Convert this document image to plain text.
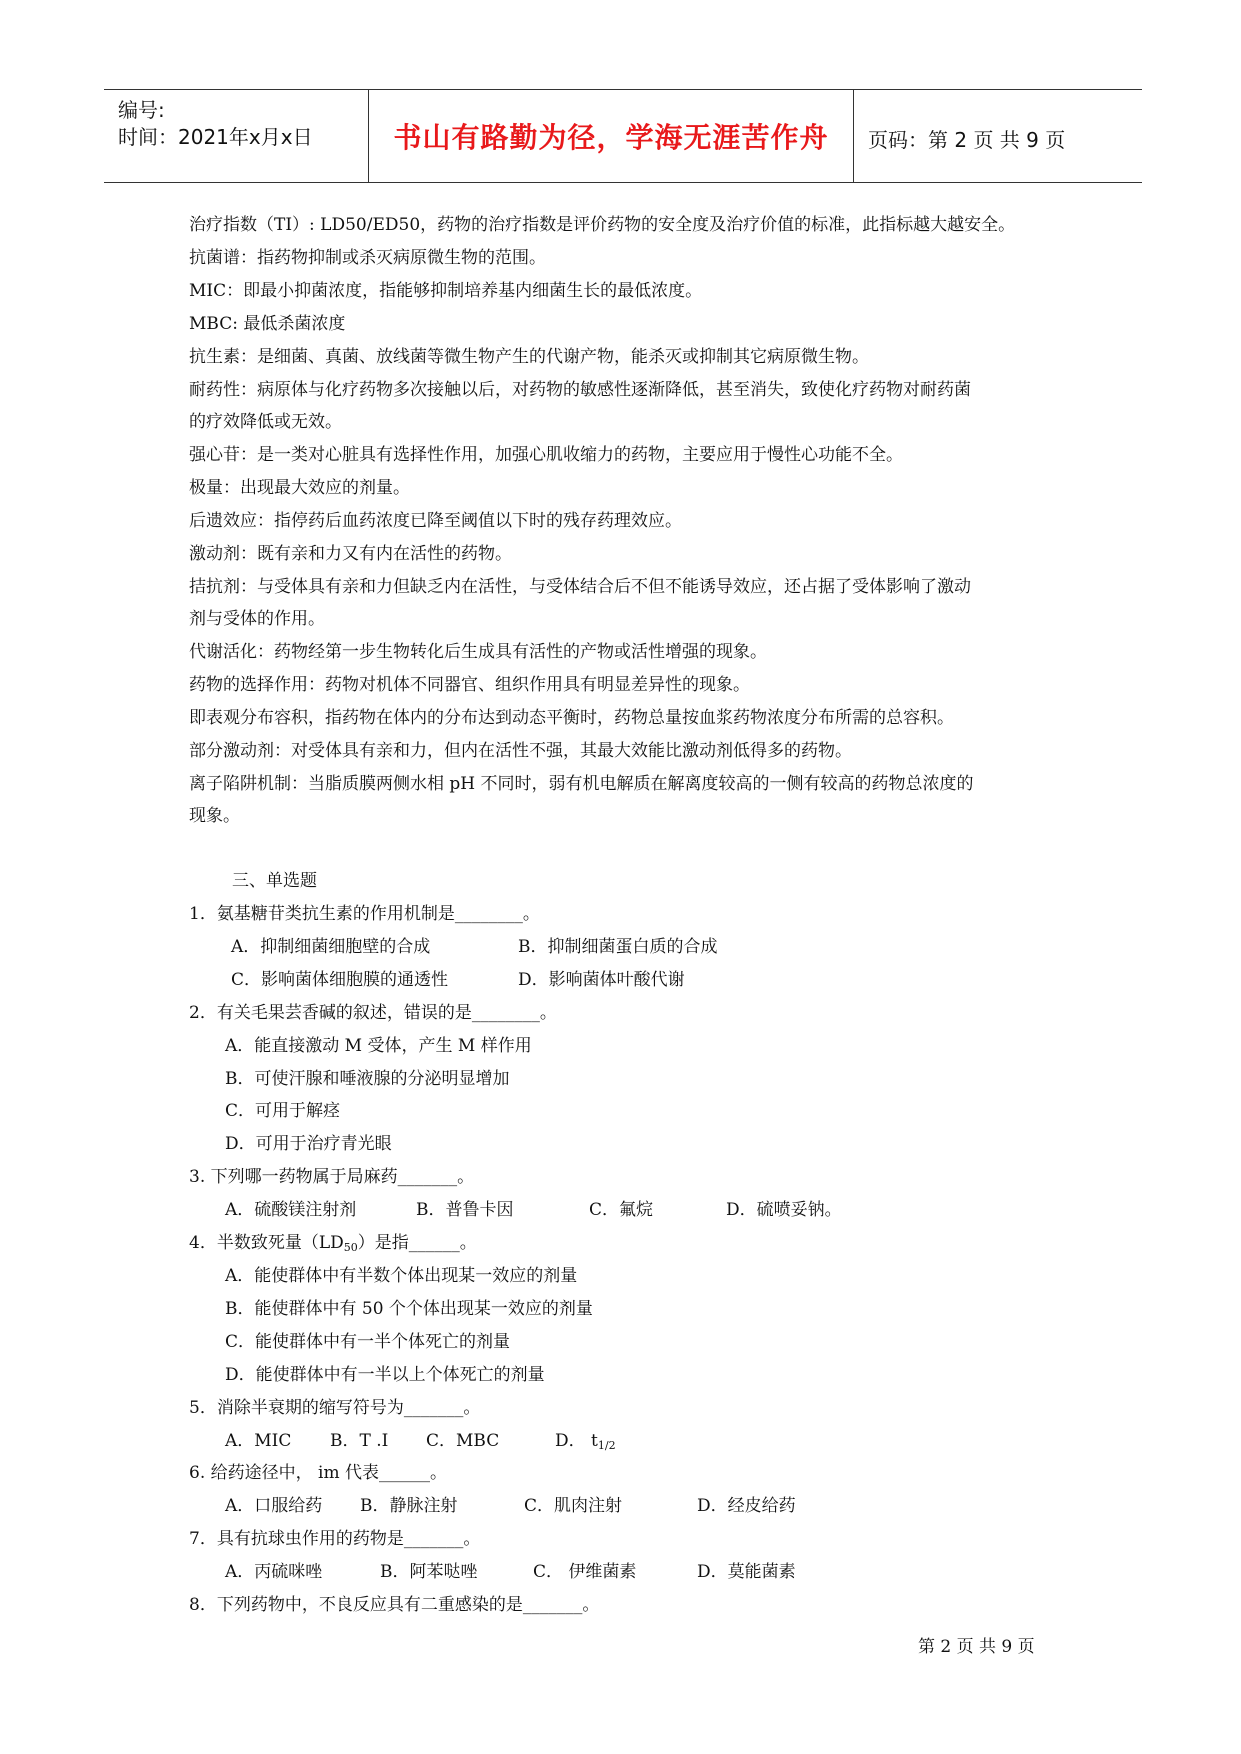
编号:
时间：2021年x月x日	书山有路勤为径，学海无涯苦作舟	页码：第 2 页 共 9 页
治疗指数（TI）: LD50/ED50，药物的治疗指数是评价药物的安全度及治疗价值的标准，此指标越大越安全。
抗菌谱：指药物抑制或杀灭病原微生物的范围。
MIC：即最小抑菌浓度，指能够抑制培养基内细菌生长的最低浓度。
MBC: 最低杀菌浓度
抗生素：是细菌、真菌、放线菌等微生物产生的代谢产物，能杀灭或抑制其它病原微生物。
耐药性：病原体与化疗药物多次接触以后，对药物的敏感性逐渐降低，甚至消失，致使化疗药物对耐药菌
的疗效降低或无效。
强心苷：是一类对心脏具有选择性作用，加强心肌收缩力的药物，主要应用于慢性心功能不全。
极量：出现最大效应的剂量。
后遗效应：指停药后血药浓度已降至阈值以下时的残存药理效应。
激动剂：既有亲和力又有内在活性的药物。
拮抗剂：与受体具有亲和力但缺乏内在活性，与受体结合后不但不能诱导效应，还占据了受体影响了激动
剂与受体的作用。
代谢活化：药物经第一步生物转化后生成具有活性的产物或活性增强的现象。
药物的选择作用：药物对机体不同器官、组织作用具有明显差异性的现象。
即表观分布容积，指药物在体内的分布达到动态平衡时，药物总量按血浆药物浓度分布所需的总容积。
部分激动剂：对受体具有亲和力，但内在活性不强，其最大效能比激动剂低得多的药物。
离子陷阱机制：当脂质膜两侧水相 pH 不同时，弱有机电解质在解离度较高的一侧有较高的药物总浓度的
现象。
三、单选题
1．氨基糖苷类抗生素的作用机制是________。
A．抑制细菌细胞壁的合成	B．抑制细菌蛋白质的合成
C．影响菌体细胞膜的通透性	D．影响菌体叶酸代谢
2．有关毛果芸香碱的叙述，错误的是________。
A．能直接激动 M 受体，产生 M 样作用
B．可使汗腺和唾液腺的分泌明显增加
C．可用于解痉
D．可用于治疗青光眼
3. 下列哪一药物属于局麻药_______。
A．硫酸镁注射剂	B．普鲁卡因	C．氟烷	D．硫喷妥钠。
4．半数致死量$(LD_{50})$是指______。
A．能使群体中有半数个体出现某一效应的剂量
B．能使群体中有 50 个个体出现某一效应的剂量
C．能使群体中有一半个体死亡的剂量
D．能使群体中有一半以上个体死亡的剂量
5．消除半衰期的缩写符号为_______。
A．MIC B．T .I C．MBC	D． $t_{1/2}$
6. 给药途径中， im 代表______。
A．口服给药 B．静脉注射	C．肌肉注射	D．经皮给药
7．具有抗球虫作用的药物是_______。
A．丙硫咪唑	B．阿苯哒唑	C． 伊维菌素	D．莫能菌素
8．下列药物中，不良反应具有二重感染的是_______。
第 2 页 共 9 页
